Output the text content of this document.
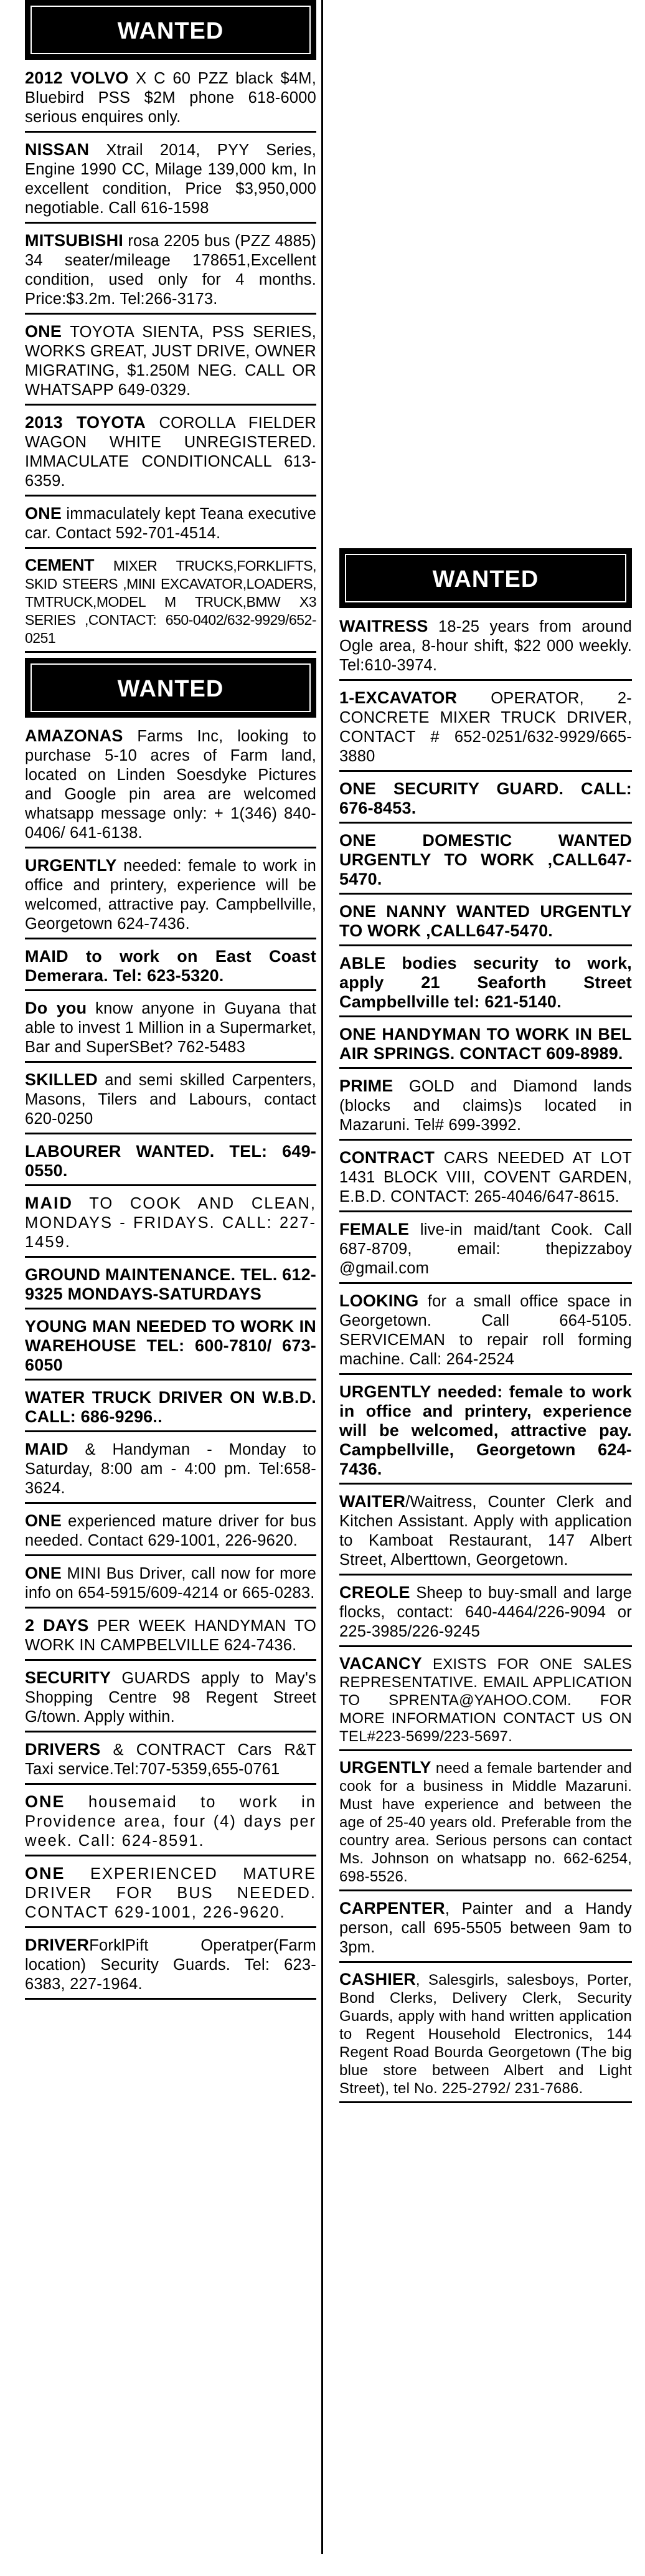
WANTED
2012 VOLVO X C 60 PZZ black $4M, Bluebird PSS $2M phone 618-6000 serious enquires only.
NISSAN Xtrail 2014, PYY Series, Engine 1990 CC, Milage 139,000 km, In excellent condition, Price $3,950,000 negotiable. Call 616-1598
MITSUBISHI rosa 2205 bus (PZZ 4885) 34 seater/mileage 178651,Excellent condition, used only for 4 months. Price:$3.2m. Tel:266-3173.
ONE TOYOTA SIENTA, PSS SERIES, WORKS GREAT, JUST DRIVE, OWNER MIGRATING, $1.250M NEG. CALL OR WHATSAPP 649-0329.
2013 TOYOTA COROLLA FIELDER WAGON WHITE UNREGISTERED. IMMACULATE CONDITIONCALL 613-6359.
ONE immaculately kept Teana executive car. Contact 592-701-4514.
CEMENT MIXER TRUCKS,FORKLIFTS, SKID STEERS ,MINI EXCAVATOR,LOADERS, TMTRUCK,MODEL M TRUCK,BMW X3 SERIES ,CONTACT: 650-0402/632-9929/652-0251
WANTED
AMAZONAS Farms Inc, looking to purchase 5-10 acres of Farm land, located on Linden Soesdyke Pictures and Google pin area are welcomed whatsapp message only: + 1(346) 840-0406/ 641-6138.
URGENTLY needed: female to work in office and printery, experience will be welcomed, attractive pay. Campbellville, Georgetown 624-7436.
MAID to work on East Coast Demerara. Tel: 623-5320.
Do you know anyone in Guyana that able to invest 1 Million in a Supermarket, Bar and SuperSBet? 762-5483
SKILLED and semi skilled Carpenters, Masons, Tilers and Labours, contact 620-0250
LABOURER WANTED. TEL: 649-0550.
MAID TO COOK AND CLEAN, MONDAYS - FRIDAYS. CALL: 227-1459.
GROUND MAINTENANCE. TEL. 612-9325 MONDAYS-SATURDAYS
YOUNG MAN NEEDED TO WORK IN WAREHOUSE TEL: 600-7810/ 673-6050
WATER TRUCK DRIVER ON W.B.D. CALL: 686-9296..
MAID & Handyman - Monday to Saturday, 8:00 am - 4:00 pm. Tel:658-3624.
ONE experienced mature driver for bus needed. Contact 629-1001, 226-9620.
ONE MINI Bus Driver, call now for more info on 654-5915/609-4214 or 665-0283.
2 DAYS PER WEEK HANDYMAN TO WORK IN CAMPBELVILLE 624-7436.
SECURITY GUARDS apply to May's Shopping Centre 98 Regent Street G/town. Apply within.
DRIVERS & CONTRACT Cars R&T Taxi service.Tel:707-5359,655-0761
ONE housemaid to work in Providence area, four (4) days per week. Call: 624-8591.
ONE EXPERIENCED MATURE DRIVER FOR BUS NEEDED. CONTACT 629-1001, 226-9620.
DRIVERForklPift Operatper(Farm location) Security Guards. Tel: 623-6383, 227-1964.
WANTED
WAITRESS 18-25 years from around Ogle area, 8-hour shift, $22 000 weekly. Tel:610-3974.
1-EXCAVATOR OPERATOR, 2- CONCRETE MIXER TRUCK DRIVER, CONTACT # 652-0251/632-9929/665-3880
ONE SECURITY GUARD. CALL: 676-8453.
ONE DOMESTIC WANTED URGENTLY TO WORK ,CALL647-5470.
ONE NANNY WANTED URGENTLY TO WORK ,CALL647-5470.
ABLE bodies security to work, apply 21 Seaforth Street Campbellville tel: 621-5140.
ONE HANDYMAN TO WORK IN BEL AIR SPRINGS. CONTACT 609-8989.
PRIME GOLD and Diamond lands (blocks and claims)s located in Mazaruni. Tel# 699-3992.
CONTRACT CARS NEEDED AT LOT 1431 BLOCK VIII, COVENT GARDEN, E.B.D. CONTACT: 265-4046/647-8615.
FEMALE live-in maid/tant Cook. Call 687-8709, email: thepizzaboy @gmail.com
LOOKING for a small office space in Georgetown. Call 664-5105. SERVICEMAN to repair roll forming machine. Call: 264-2524
URGENTLY needed: female to work in office and printery, experience will be welcomed, attractive pay. Campbellville, Georgetown 624-7436.
WAITER/Waitress, Counter Clerk and Kitchen Assistant. Apply with application to Kamboat Restaurant, 147 Albert Street, Alberttown, Georgetown.
CREOLE Sheep to buy-small and large flocks, contact: 640-4464/226-9094 or 225-3985/226-9245
VACANCY EXISTS FOR ONE SALES REPRESENTATIVE. EMAIL APPLICATION TO SPRENTA@YAHOO.COM. FOR MORE INFORMATION CONTACT US ON TEL#223-5699/223-5697.
URGENTLY need a female bartender and cook for a business in Middle Mazaruni. Must have experience and between the age of 25-40 years old. Preferable from the country area. Serious persons can contact Ms. Johnson on whatsapp no. 662-6254, 698-5526.
CARPENTER, Painter and a Handy person, call 695-5505 between 9am to 3pm.
CASHIER, Salesgirls, salesboys, Porter, Bond Clerks, Delivery Clerk, Security Guards, apply with hand written application to Regent Household Electronics, 144 Regent Road Bourda Georgetown (The big blue store between Albert and Light Street), tel No. 225-2792/ 231-7686.
